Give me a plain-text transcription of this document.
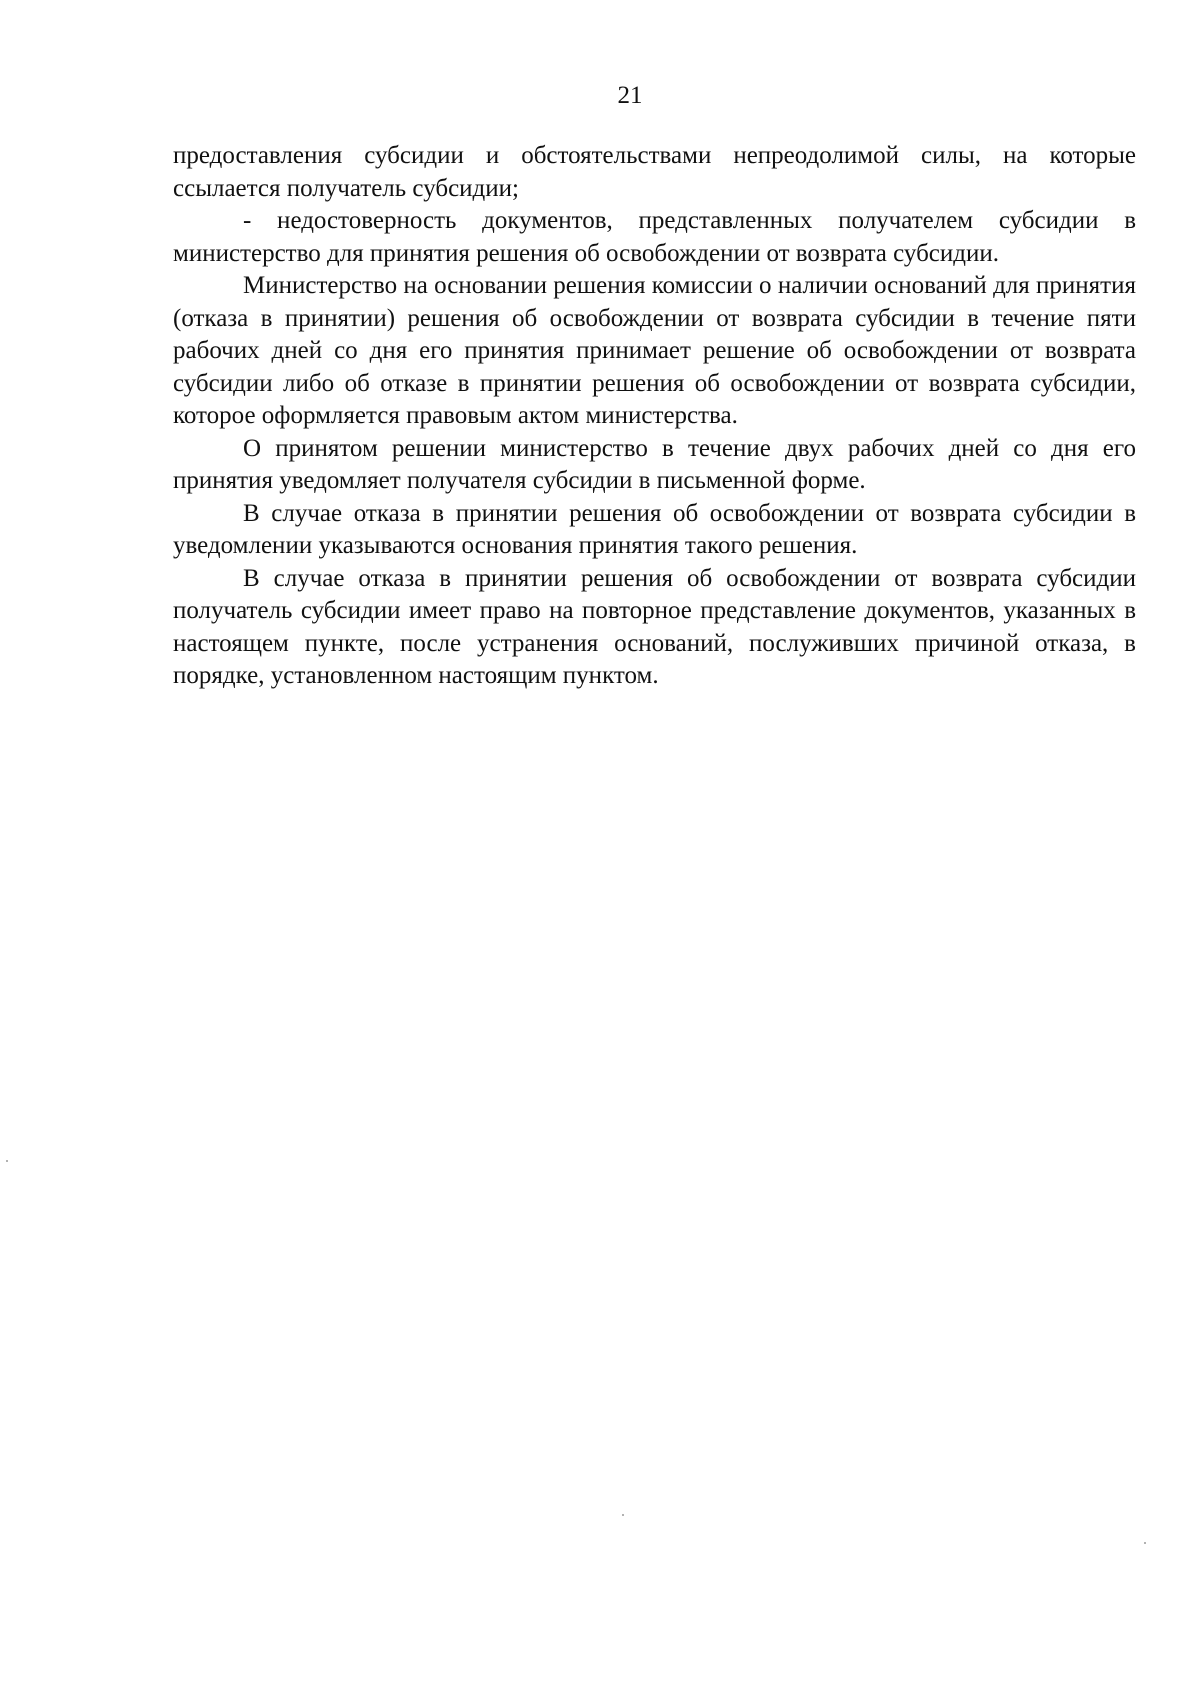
21

предоставления субсидии и обстоятельствами непреодолимой силы, на которые ссылается получатель субсидии;

- недостоверность документов, представленных получателем субсидии в министерство для принятия решения об освобождении от возврата субсидии.

Министерство на основании решения комиссии о наличии оснований для принятия (отказа в принятии) решения об освобождении от возврата субсидии в течение пяти рабочих дней со дня его принятия принимает решение об освобождении от возврата субсидии либо об отказе в принятии решения об освобождении от возврата субсидии, которое оформляется правовым актом министерства.

О принятом решении министерство в течение двух рабочих дней со дня его принятия уведомляет получателя субсидии в письменной форме.

В случае отказа в принятии решения об освобождении от возврата субсидии в уведомлении указываются основания принятия такого решения.

В случае отказа в принятии решения об освобождении от возврата субсидии получатель субсидии имеет право на повторное представление документов, указанных в настоящем пункте, после устранения оснований, послуживших причиной отказа, в порядке, установленном настоящим пунктом.
